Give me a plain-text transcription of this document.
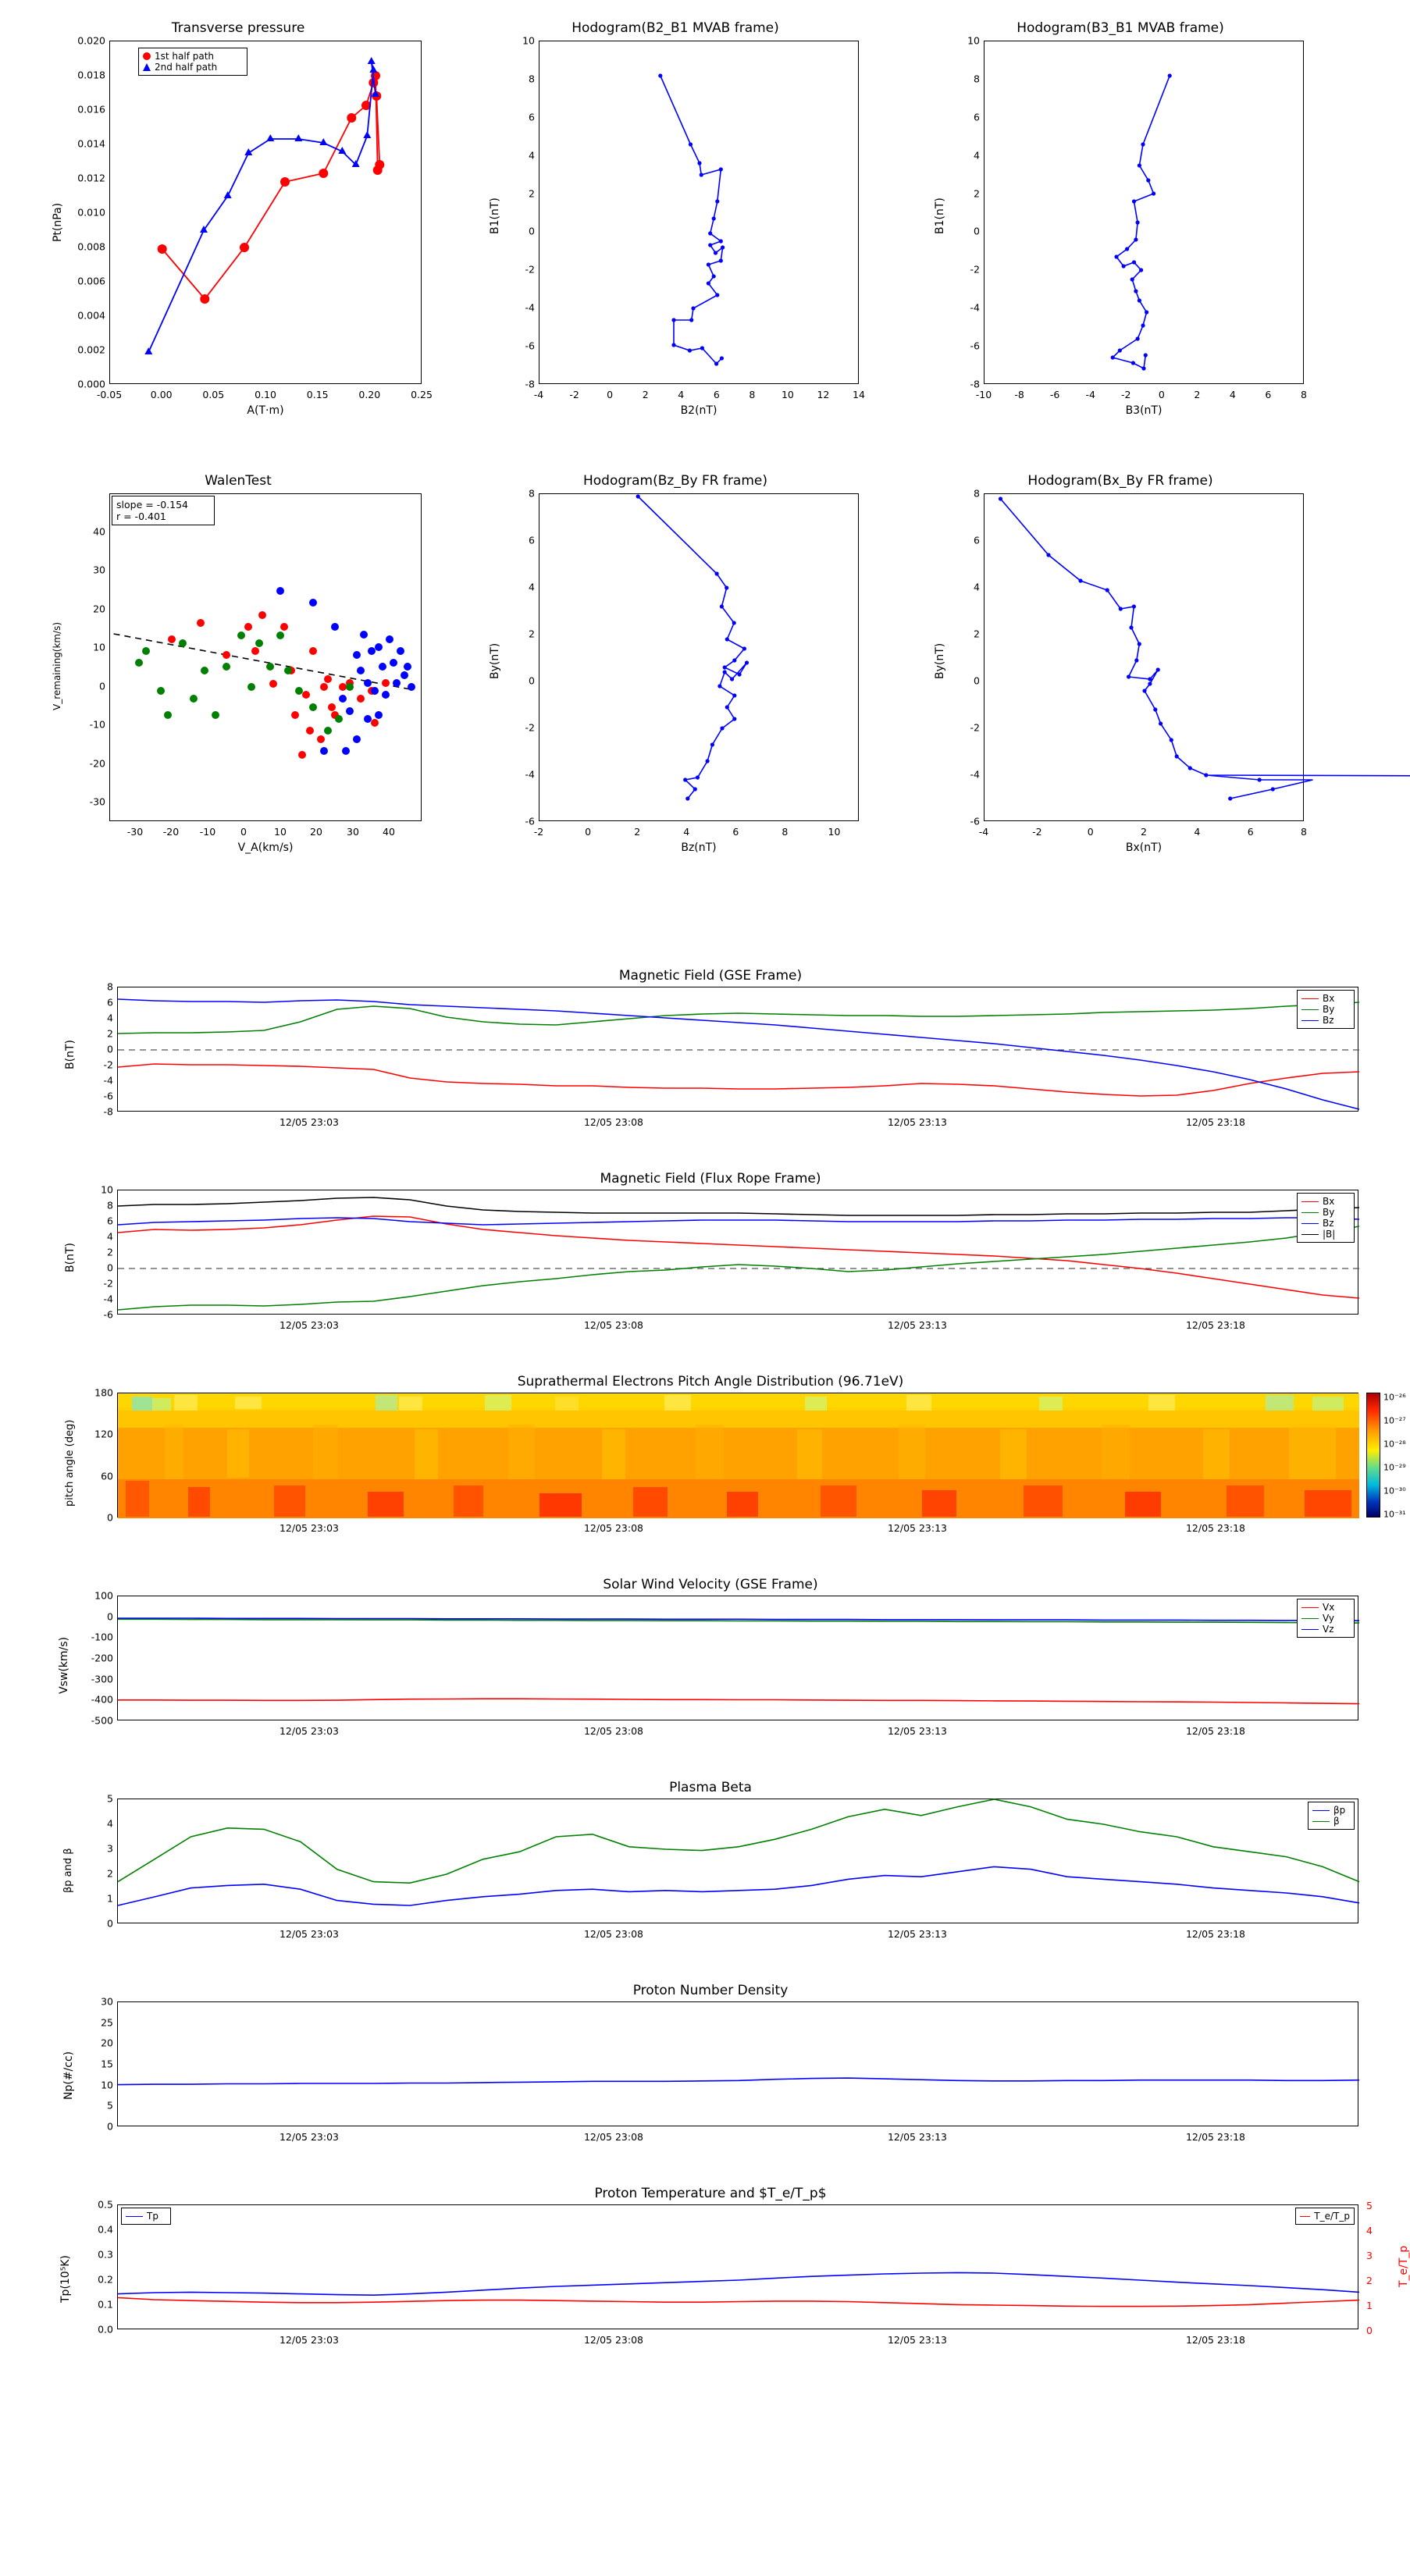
Transverse pressure
1st half path
2nd half path
0.020
0.018
0.016
0.014
0.012
0.010
0.008
0.006
0.004
0.002
0.000
-0.05	0.00	0.05	0.10	0.15	0.20	0.25
A(T·m)
Pt(nPa)
Hodogram(B2_B1 MVAB frame)
10
8
6
4
2
0
-2
-4
-6
-8
-4	-2	0	2	4	6	8	10 12 14
B2(nT)
B1(nT)
Hodogram(B3_B1 MVAB frame)
10
8
6
4
2
0
-2
-4
-6
-8
-10 -8	-6	-4	-2	0	2	4	6	8
B3(nT)
B1(nT)
WalenTest
slope = -0.154
r = -0.401
40
30
20
10
0
-10
-20
-30
-30 -20 -10	0	10 20 30 40
V_A(km/s)
V_remaining(km/s)
Hodogram(Bz_By FR frame)
8
6
4
2
0
-2
-4
-6
-2	0	2	4	6	8	10
Bz(nT)
By(nT)
Hodogram(Bx_By FR frame)
8
6
4
2
0
-2
-4
-6
-4	-2	0	2	4	6	8
Bx(nT)
By(nT)
Magnetic Field (GSE Frame)
Bx
By
Bz
8
6
4
2
0
-2
-4
-6
-8
12/05 23:03	12/05 23:08	12/05 23:13	12/05 23:18
B(nT)
Magnetic Field (Flux Rope Frame)
Bx
By
Bz
|B|
10
8
6
4
2
0
-2
-4
-6
12/05 23:03	12/05 23:08	12/05 23:13	12/05 23:18
B(nT)
Suprathermal Electrons Pitch Angle Distribution (96.71eV)
180
120
60
0
12/05 23:03	12/05 23:08	12/05 23:13	12/05 23:18
pitch angle (deg)
10⁻²⁶
10⁻²⁷
10⁻²⁸
10⁻²⁹
10⁻³⁰
10⁻³¹
Solar Wind Velocity (GSE Frame)
Vx
Vy
Vz
100
0
-100
-200
-300
-400
-500
12/05 23:03	12/05 23:08	12/05 23:13	12/05 23:18
Vsw(km/s)
Plasma Beta
βp
β
5
4
3
2
1
0
12/05 23:03	12/05 23:08	12/05 23:13	12/05 23:18
βp and β
Proton Number Density
30
25
20
15
10
5
0
12/05 23:03	12/05 23:08	12/05 23:13	12/05 23:18
Np(#/cc)
Proton Temperature and $T_e/T_p$
Tp	T_e/T_p
0.5
0.4
0.3
0.2
0.1
0.0
5
4
3
2
1
0
12/05 23:03	12/05 23:08	12/05 23:13	12/05 23:18
Tp(10⁵K)	T_e/T_p
